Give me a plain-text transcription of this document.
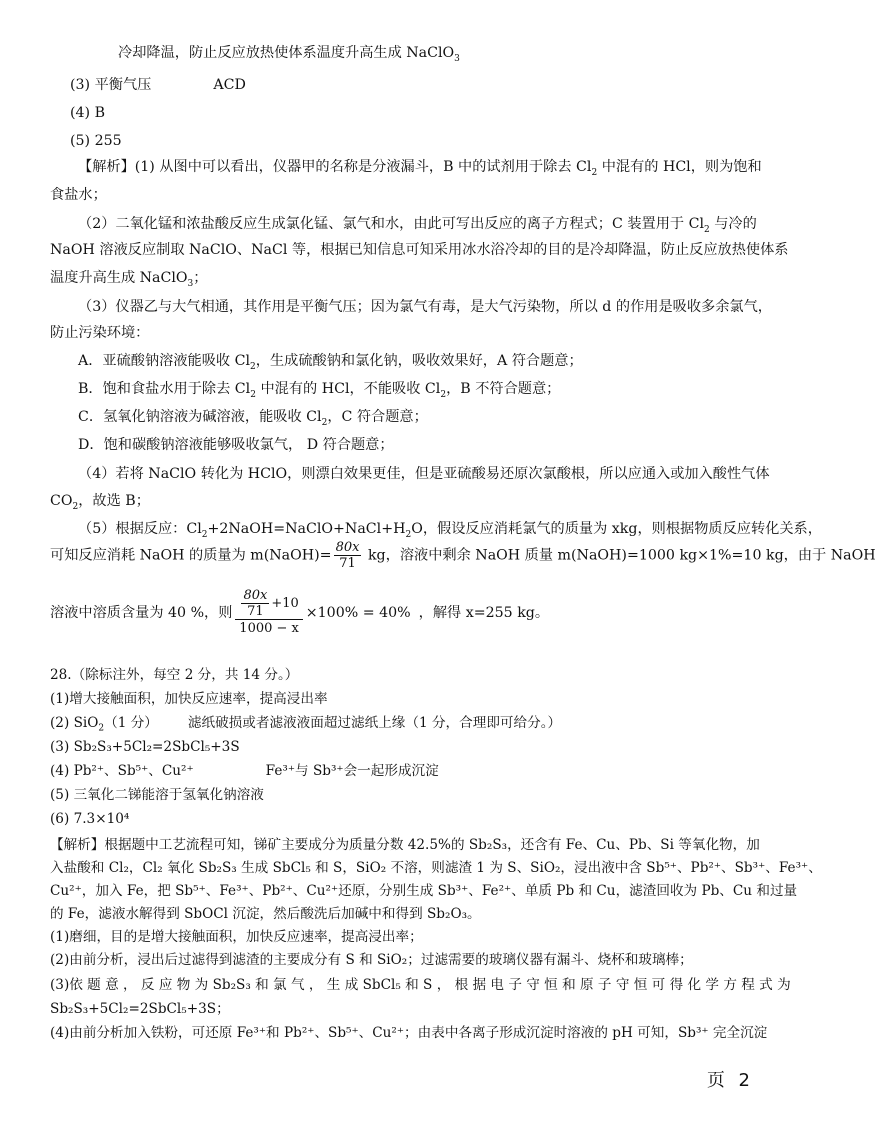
冷却降温，防止反应放热使体系温度升高生成 NaClO$_3$
(3) 平衡气压	ACD
(4) B
(5) 255
【解析】(1) 从图中可以看出，仪器甲的名称是分液漏斗，B 中的试剂用于除去 $Cl_2$ 中混有的 HCl，则为饱和
食盐水；
（2）二氧化锰和浓盐酸反应生成氯化锰、氯气和水，由此可写出反应的离子方程式；C 装置用于 $Cl_2$ 与冷的
NaOH 溶液反应制取 NaClO、NaCl 等，根据已知信息可知采用冰水浴冷却的目的是冷却降温，防止反应放热使体系
温度升高生成 NaClO$_3$；
（3）仪器乙与大气相通，其作用是平衡气压；因为氯气有毒，是大气污染物，所以 d 的作用是吸收多余氯气，
防止污染环境：
A．亚硫酸钠溶液能吸收 $Cl_2$，生成硫酸钠和氯化钠，吸收效果好，A 符合题意；
B．饱和食盐水用于除去 $Cl_2$ 中混有的 HCl，不能吸收 $Cl_2$，B 不符合题意；
C．氢氧化钠溶液为碱溶液，能吸收 $Cl_2$，C 符合题意；
D．饱和碳酸钠溶液能够吸收氯气， D 符合题意；
（4）若将 NaClO 转化为 HClO，则漂白效果更佳，但是亚硫酸易还原次氯酸根，所以应通入或加入酸性气体
$CO_2$，故选 B；
（5）根据反应：$Cl_2+2NaOH=NaClO+NaCl+H_2O$，假设反应消耗氯气的质量为 xkg，则根据物质反应转化关系，
可知反应消耗 NaOH 的质量为 m(NaOH)= $\frac{80x}{71}$ kg，溶液中剩余 NaOH 质量 m(NaOH)=1000 kg×1%=10 kg，由于 NaOH
溶液中溶质含量为 40 %，则 $\frac{\frac{80x}{71} +10}{1000 - x} \times 100\% = 40\%$ ，解得 x=255 kg。
28.（除标注外，每空 2 分，共 14 分。）
(1)增大接触面积，加快反应速率，提高浸出率
(2) SiO$_2$（1 分） 滤纸破损或者滤液液面超过滤纸上缘（1 分，合理即可给分。）
(3) Sb₂S₃+5Cl₂=2SbCl₅+3S
(4) Pb²⁺、Sb⁵⁺、Cu²⁺	Fe³⁺与 Sb³⁺会一起形成沉淀
(5) 三氧化二锑能溶于氢氧化钠溶液
(6) 7.3×10⁴
【解析】根据题中工艺流程可知，锑矿主要成分为质量分数 42.5%的 Sb₂S₃，还含有 Fe、Cu、Pb、Si 等氧化物，加
入盐酸和 Cl₂，Cl₂ 氧化 Sb₂S₃ 生成 SbCl₅ 和 S，SiO₂ 不溶，则滤渣 1 为 S、SiO₂，浸出液中含 Sb⁵⁺、Pb²⁺、Sb³⁺、Fe³⁺、
Cu²⁺，加入 Fe，把 Sb⁵⁺、Fe³⁺、Pb²⁺、Cu²⁺还原，分别生成 Sb³⁺、Fe²⁺、单质 Pb 和 Cu，滤渣回收为 Pb、Cu 和过量
的 Fe，滤液水解得到 SbOCl 沉淀，然后酸洗后加碱中和得到 Sb₂O₃。
(1)磨细，目的是增大接触面积，加快反应速率，提高浸出率；
(2)由前分析，浸出后过滤得到滤渣的主要成分有 S 和 SiO₂；过滤需要的玻璃仪器有漏斗、烧杯和玻璃棒；
(3)依 题 意 ， 反 应 物 为 Sb₂S₃ 和 氯 气 ， 生 成 SbCl₅ 和 S ， 根 据 电 子 守 恒 和 原 子 守 恒 可 得 化 学 方 程 式 为
Sb₂S₃+5Cl₂=2SbCl₅+3S；
(4)由前分析加入铁粉，可还原 Fe³⁺和 Pb²⁺、Sb⁵⁺、Cu²⁺；由表中各离子形成沉淀时溶液的 pH 可知，Sb³⁺ 完全沉淀
页 2
